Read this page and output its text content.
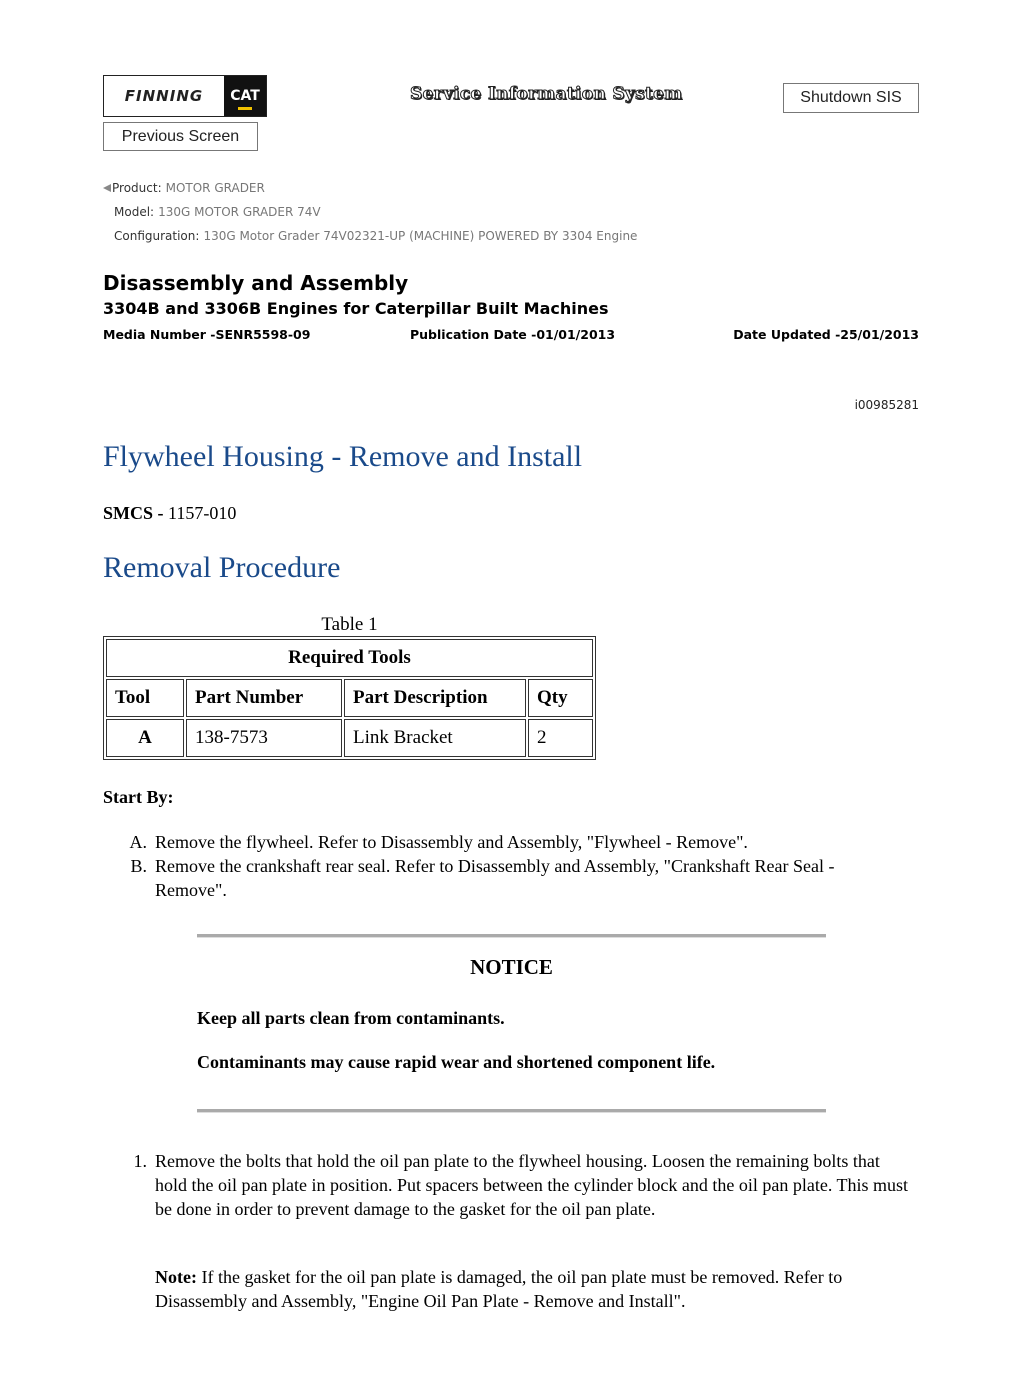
FINNING	CAT	Service Information System	Shutdown SIS
Previous Screen
Product: MOTOR GRADER
Model: 130G MOTOR GRADER 74V
Configuration: 130G Motor Grader 74V02321-UP (MACHINE) POWERED BY 3304 Engine
Disassembly and Assembly
3304B and 3306B Engines for Caterpillar Built Machines
Media Number -SENR5598-09	Publication Date -01/01/2013	Date Updated -25/01/2013
i00985281
Flywheel Housing - Remove and Install
SMCS - 1157-010
Removal Procedure
Table 1
Required Tools			
Tool	Part Number	Part Description	Qty
A	138-7573	Link Bracket	2
Start By:
A. Remove the flywheel. Refer to Disassembly and Assembly, "Flywheel - Remove".
B. Remove the crankshaft rear seal. Refer to Disassembly and Assembly, "Crankshaft Rear Seal - Remove".
NOTICE
Keep all parts clean from contaminants.
Contaminants may cause rapid wear and shortened component life.
1. Remove the bolts that hold the oil pan plate to the flywheel housing. Loosen the remaining bolts that hold the oil pan plate in position. Put spacers between the cylinder block and the oil pan plate. This must be done in order to prevent damage to the gasket for the oil pan plate.
Note: If the gasket for the oil pan plate is damaged, the oil pan plate must be removed. Refer to Disassembly and Assembly, "Engine Oil Pan Plate - Remove and Install".
